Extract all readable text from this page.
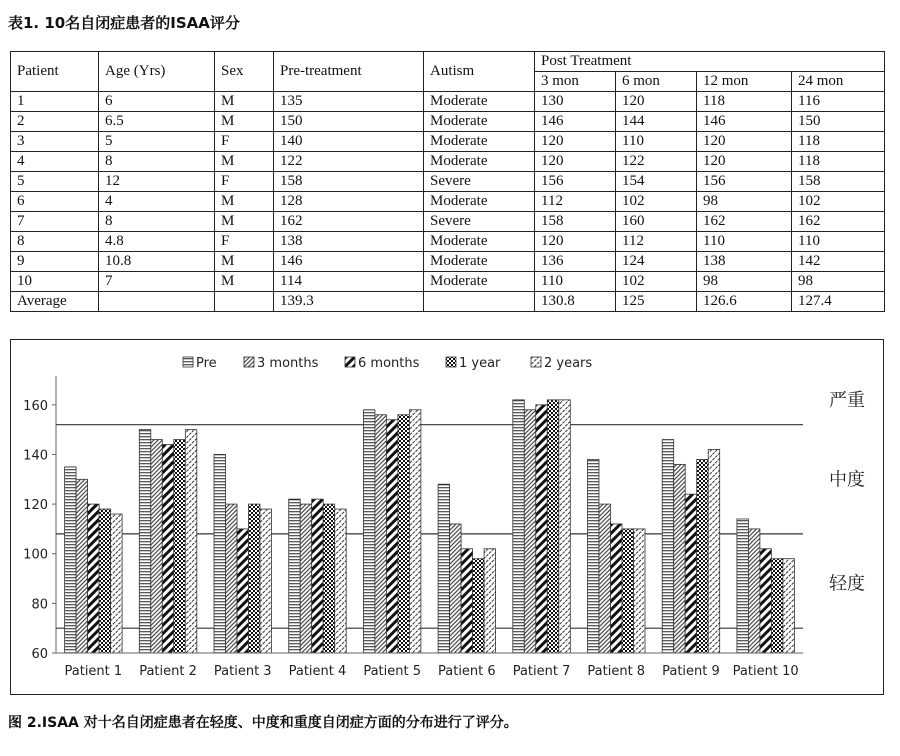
表1. 10名自闭症患者的ISAA评分
Patient	Age (Yrs)	Sex	Pre-treatment	Autism	Post Treatment			
					3 mon	6 mon	12 mon	24 mon
1	6	M	135	Moderate	130	120	118	116
2	6.5	M	150	Moderate	146	144	146	150
3	5	F	140	Moderate	120	110	120	118
4	8	M	122	Moderate	120	122	120	118
5	12	F	158	Severe	156	154	156	158
6	4	M	128	Moderate	112	102	98	102
7	8	M	162	Severe	158	160	162	162
8	4.8	F	138	Moderate	120	112	110	110
9	10.8	M	146	Moderate	136	124	138	142
10	7	M	114	Moderate	110	102	98	98
Average			139.3		130.8	125	126.6	127.4
Pre	3 months	6 months	1 year	2 years
60
80
100
120
140
160
Patient 1 Patient 2 Patient 3 Patient 4 Patient 5 Patient 6 Patient 7 Patient 8 Patient 9 Patient 10
严重
中度
轻度
图 2.ISAA 对十名自闭症患者在轻度、中度和重度自闭症方面的分布进行了评分。
